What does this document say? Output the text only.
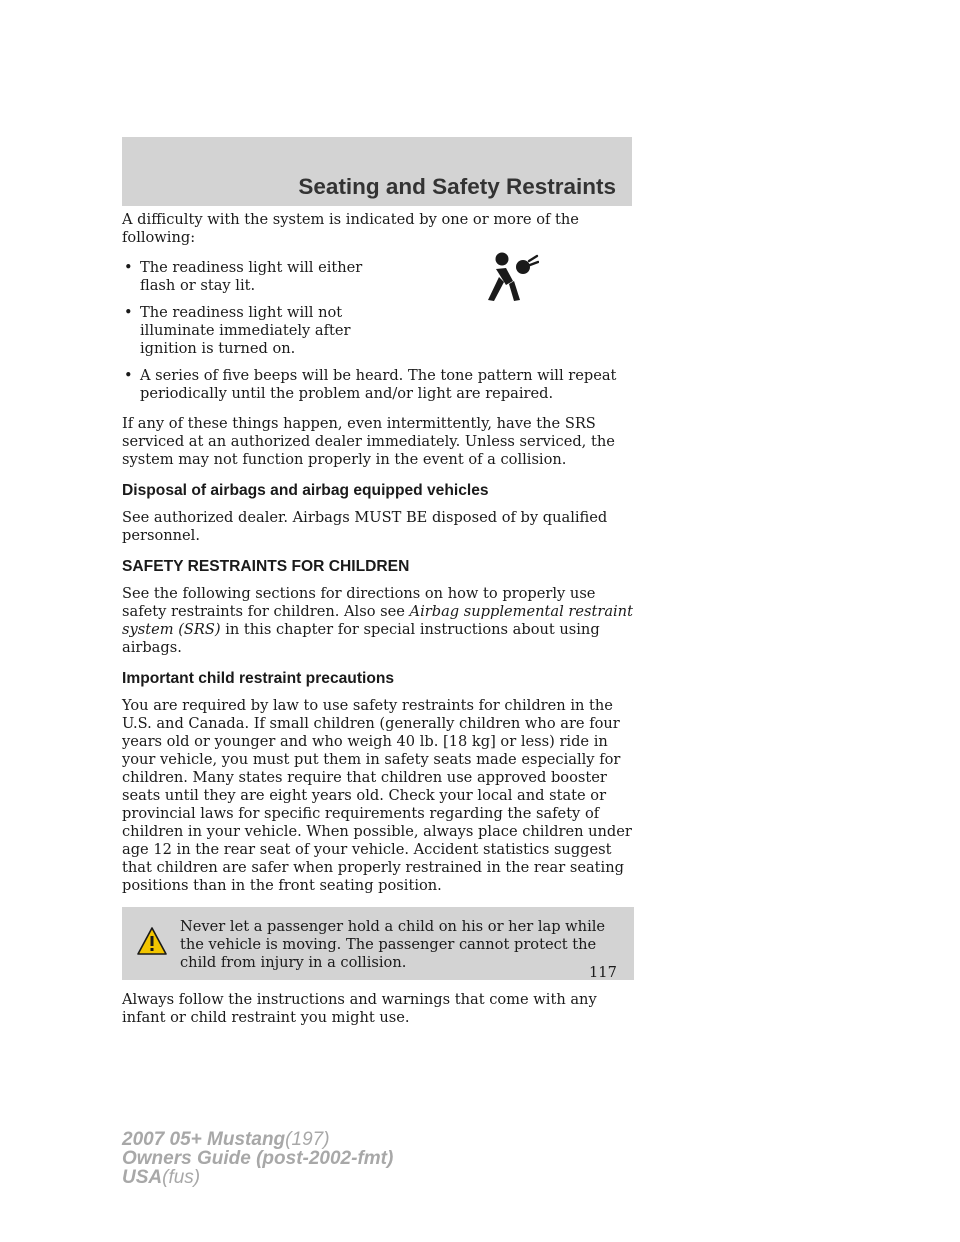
Seating and Safety Restraints

A difficulty with the system is indicated by one or more of the following:

• The readiness light will either flash or stay lit.
• The readiness light will not illuminate immediately after ignition is turned on.
• A series of five beeps will be heard. The tone pattern will repeat periodically until the problem and/or light are repaired.

If any of these things happen, even intermittently, have the SRS serviced at an authorized dealer immediately. Unless serviced, the system may not function properly in the event of a collision.

Disposal of airbags and airbag equipped vehicles

See authorized dealer. Airbags MUST BE disposed of by qualified personnel.

SAFETY RESTRAINTS FOR CHILDREN

See the following sections for directions on how to properly use safety restraints for children. Also see Airbag supplemental restraint system (SRS) in this chapter for special instructions about using airbags.

Important child restraint precautions

You are required by law to use safety restraints for children in the U.S. and Canada. If small children (generally children who are four years old or younger and who weigh 40 lb. [18 kg] or less) ride in your vehicle, you must put them in safety seats made especially for children. Many states require that children use approved booster seats until they are eight years old. Check your local and state or provincial laws for specific requirements regarding the safety of children in your vehicle. When possible, always place children under age 12 in the rear seat of your vehicle. Accident statistics suggest that children are safer when properly restrained in the rear seating positions than in the front seating position.

Never let a passenger hold a child on his or her lap while the vehicle is moving. The passenger cannot protect the child from injury in a collision.

Always follow the instructions and warnings that come with any infant or child restraint you might use.

117
2007 05+ Mustang(197)
Owners Guide (post-2002-fmt)
USA(fus)
